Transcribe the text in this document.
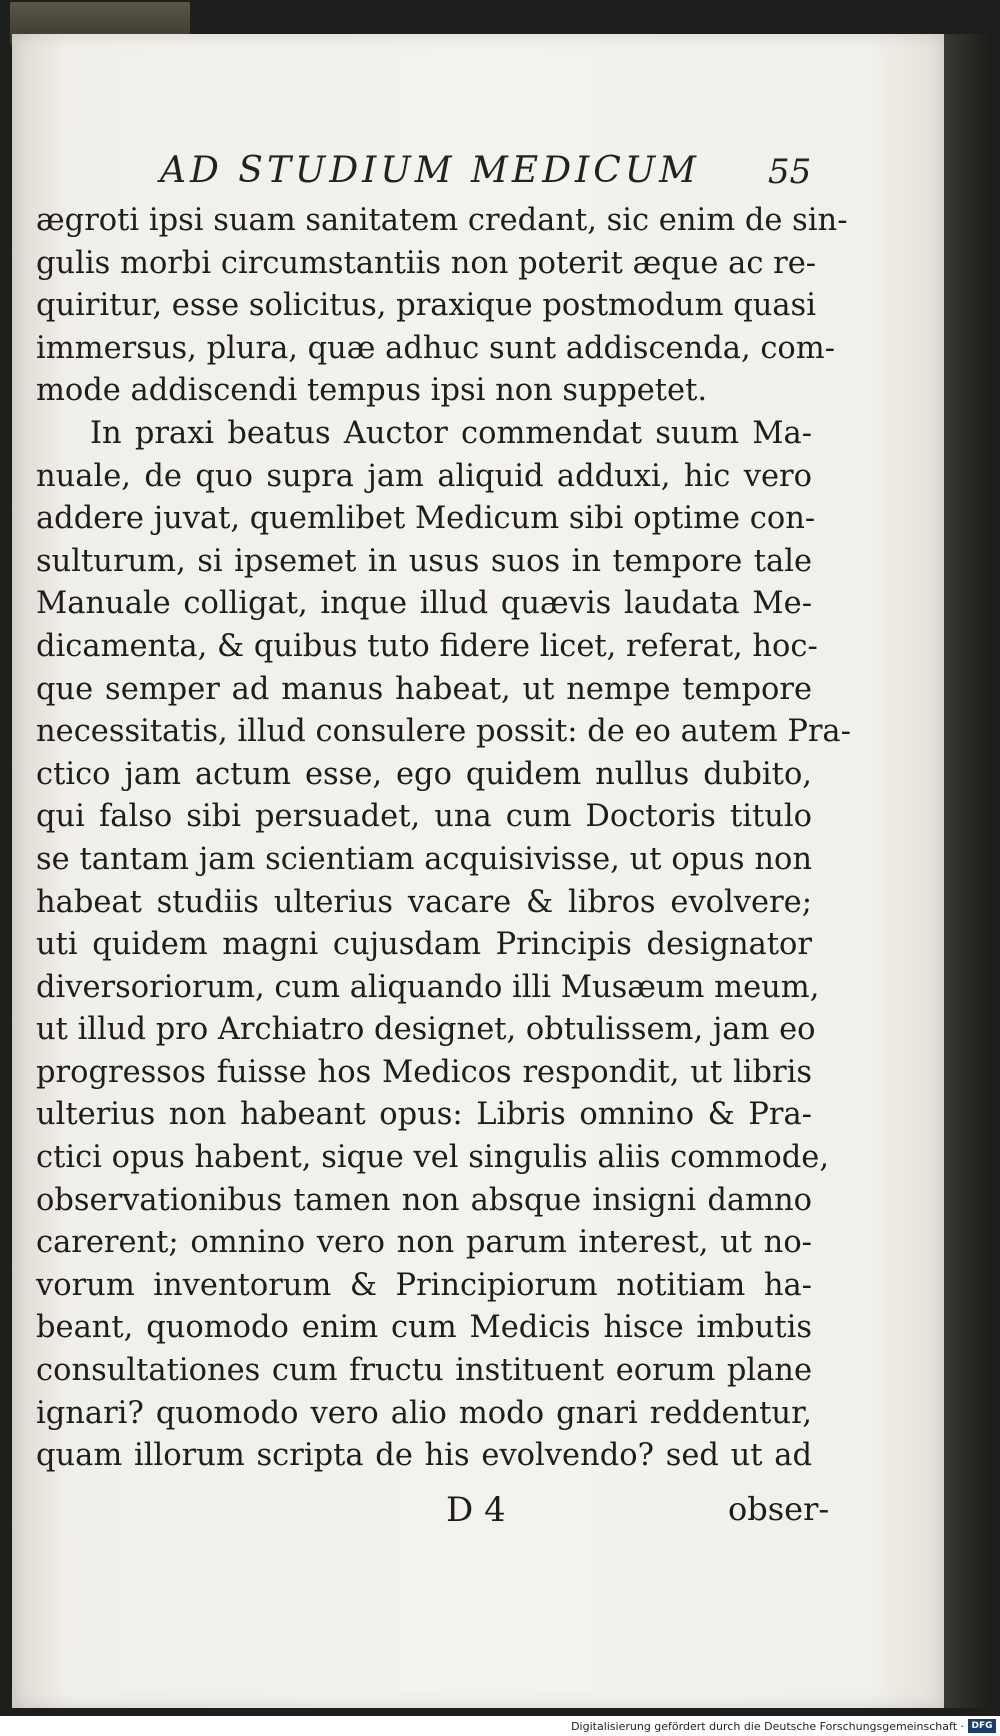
AD STUDIUM MEDICUM 55
ægroti ipsi suam sanitatem credant, sic enim de sin-
gulis morbi circumstantiis non poterit æque ac re-
quiritur, esse solicitus, praxique postmodum quasi
immersus, plura, quæ adhuc sunt addiscenda, com-
mode addiscendi tempus ipsi non suppetet.
In praxi beatus Auctor commendat suum Ma-
nuale, de quo supra jam aliquid adduxi, hic vero
addere juvat, quemlibet Medicum sibi optime con-
sulturum, si ipsemet in usus suos in tempore tale
Manuale colligat, inque illud quævis laudata Me-
dicamenta, & quibus tuto fidere licet, referat, hoc-
que semper ad manus habeat, ut nempe tempore
necessitatis, illud consulere possit: de eo autem Pra-
ctico jam actum esse, ego quidem nullus dubito,
qui falso sibi persuadet, una cum Doctoris titulo
se tantam jam scientiam acquisivisse, ut opus non
habeat studiis ulterius vacare & libros evolvere;
uti quidem magni cujusdam Principis designator
diversoriorum, cum aliquando illi Musæum meum,
ut illud pro Archiatro designet, obtulissem, jam eo
progressos fuisse hos Medicos respondit, ut libris
ulterius non habeant opus: Libris omnino & Pra-
ctici opus habent, sique vel singulis aliis commode,
observationibus tamen non absque insigni damno
carerent; omnino vero non parum interest, ut no-
vorum inventorum & Principiorum notitiam ha-
beant, quomodo enim cum Medicis hisce imbutis
consultationes cum fructu instituent eorum plane
ignari? quomodo vero alio modo gnari reddentur,
quam illorum scripta de his evolvendo? sed ut ad
D 4	obser-
Digitalisierung gefördert durch die Deutsche Forschungsgemeinschaft · DFG
